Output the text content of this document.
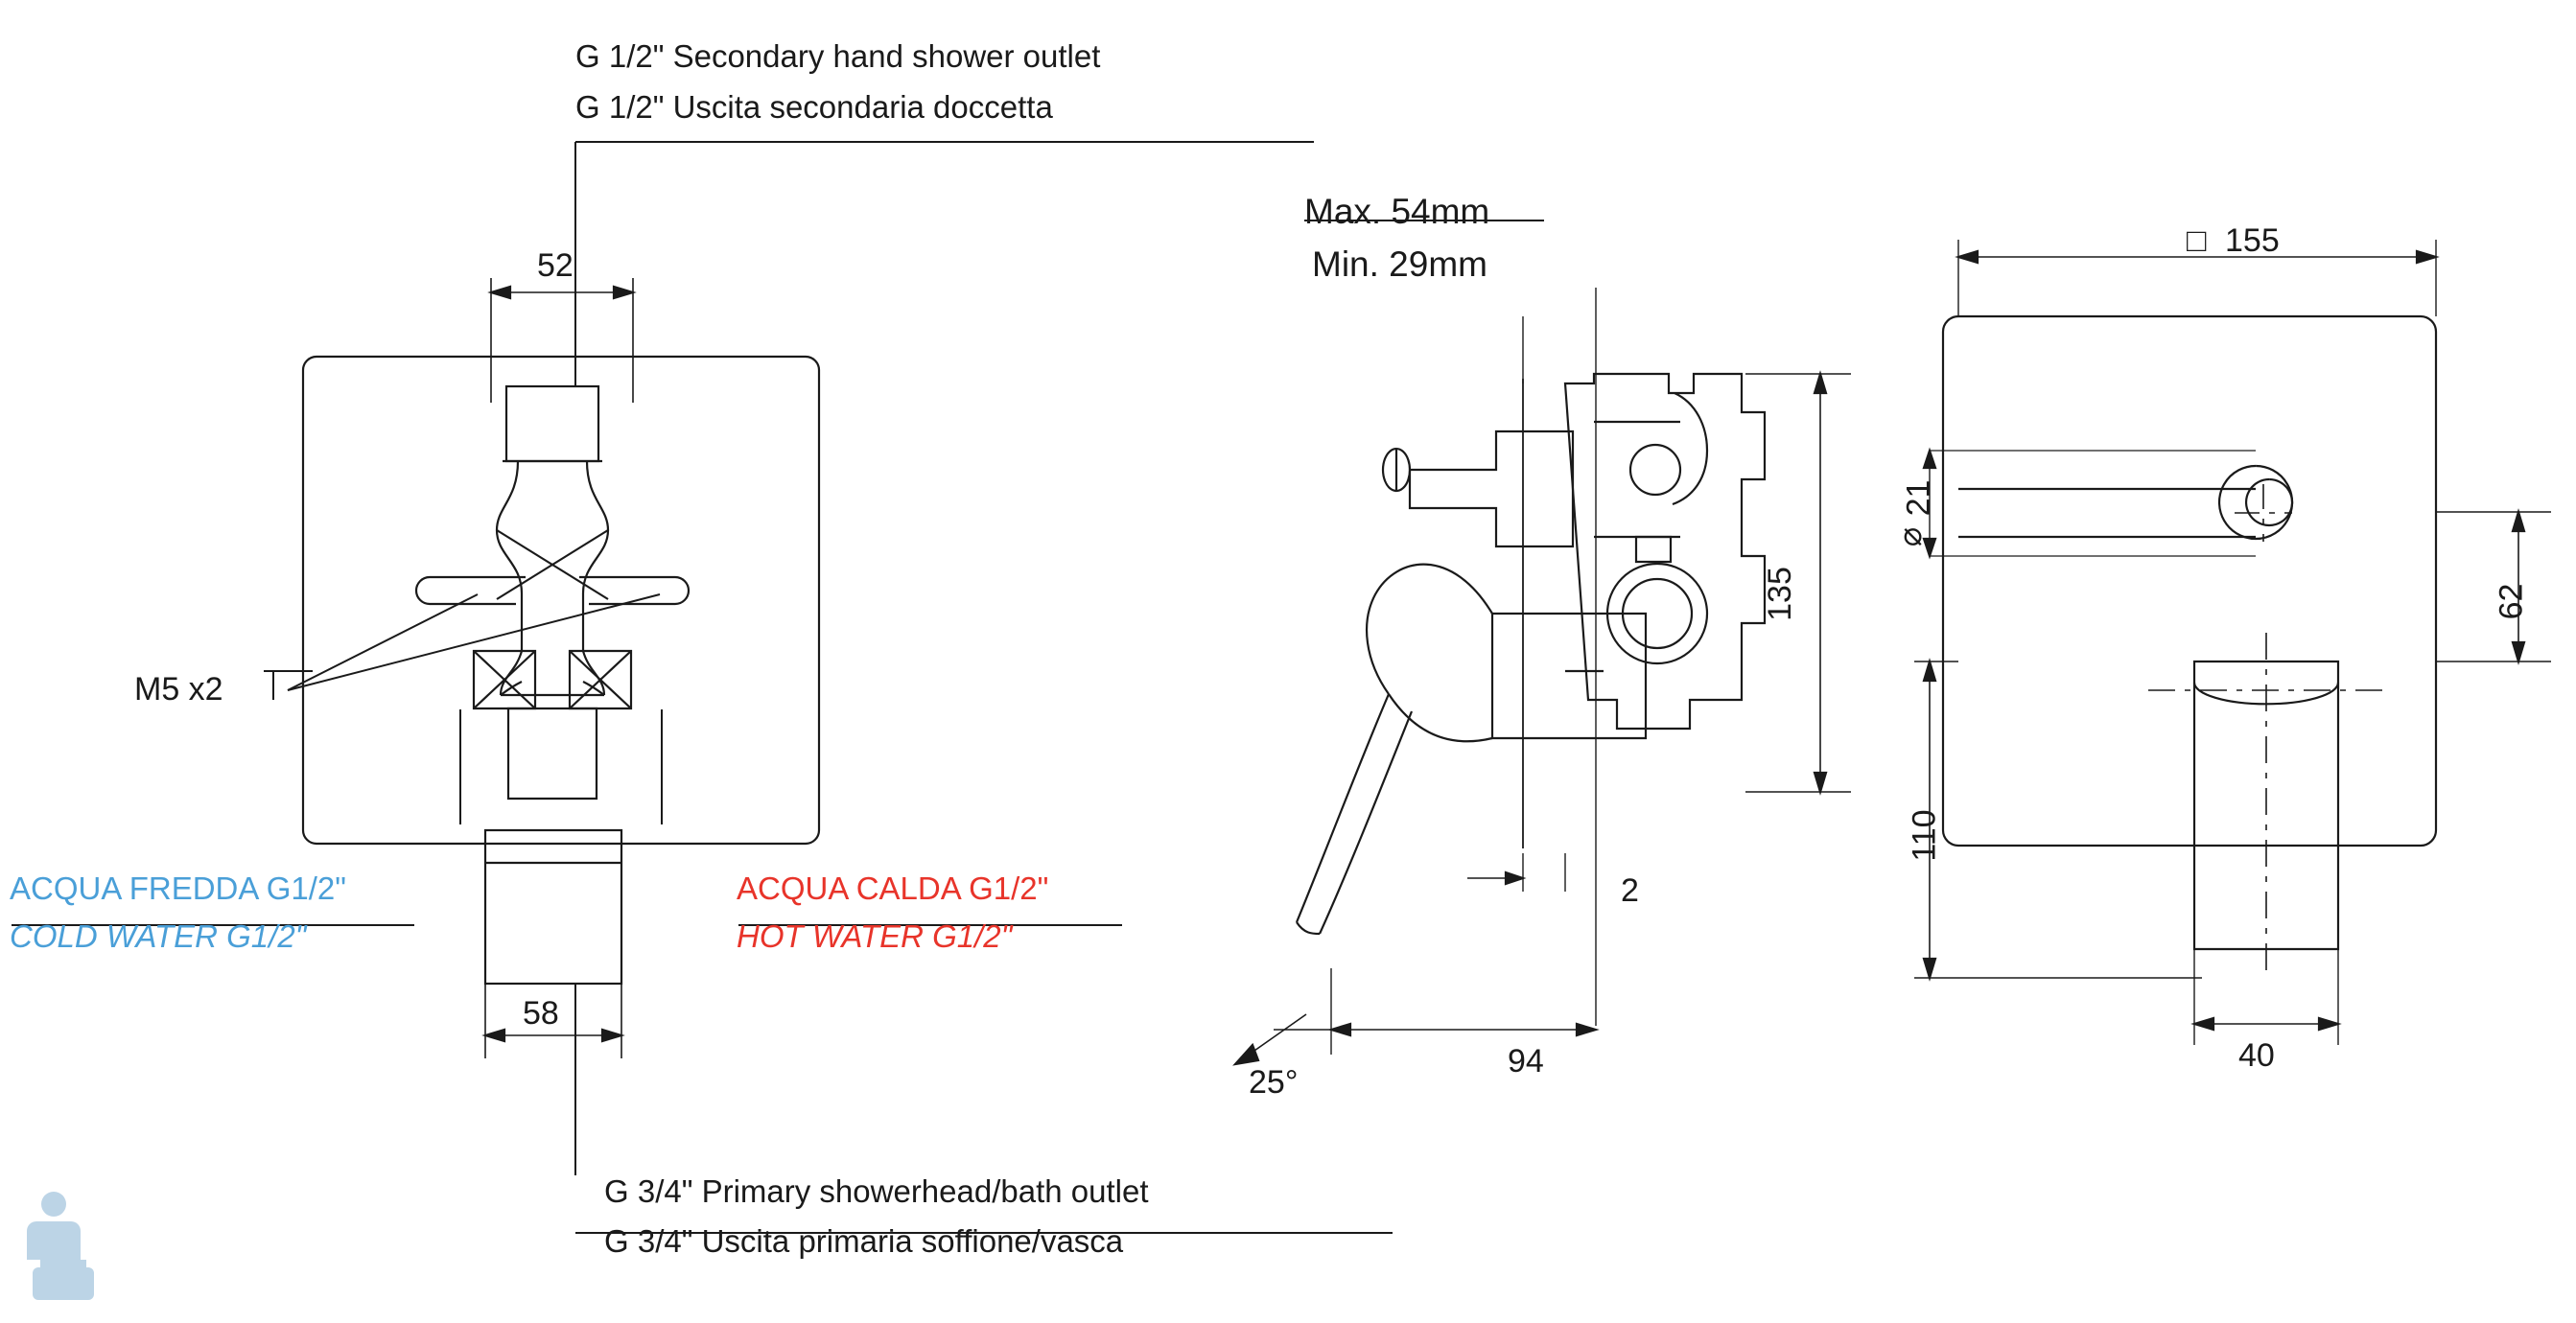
G 1/2" Secondary hand shower outlet
G 1/2" Uscita secondaria doccetta
G 3/4" Primary showerhead/bath outlet
G 3/4" Uscita primaria soffione/vasca
52
58
M5 x2
ACQUA FREDDA G1/2"
COLD WATER G1/2"
ACQUA CALDA G1/2"
HOT WATER G1/2"
Max. 54mm
Min. 29mm
135
2
94
25°
□ 155
⌀
21
62
110
40
